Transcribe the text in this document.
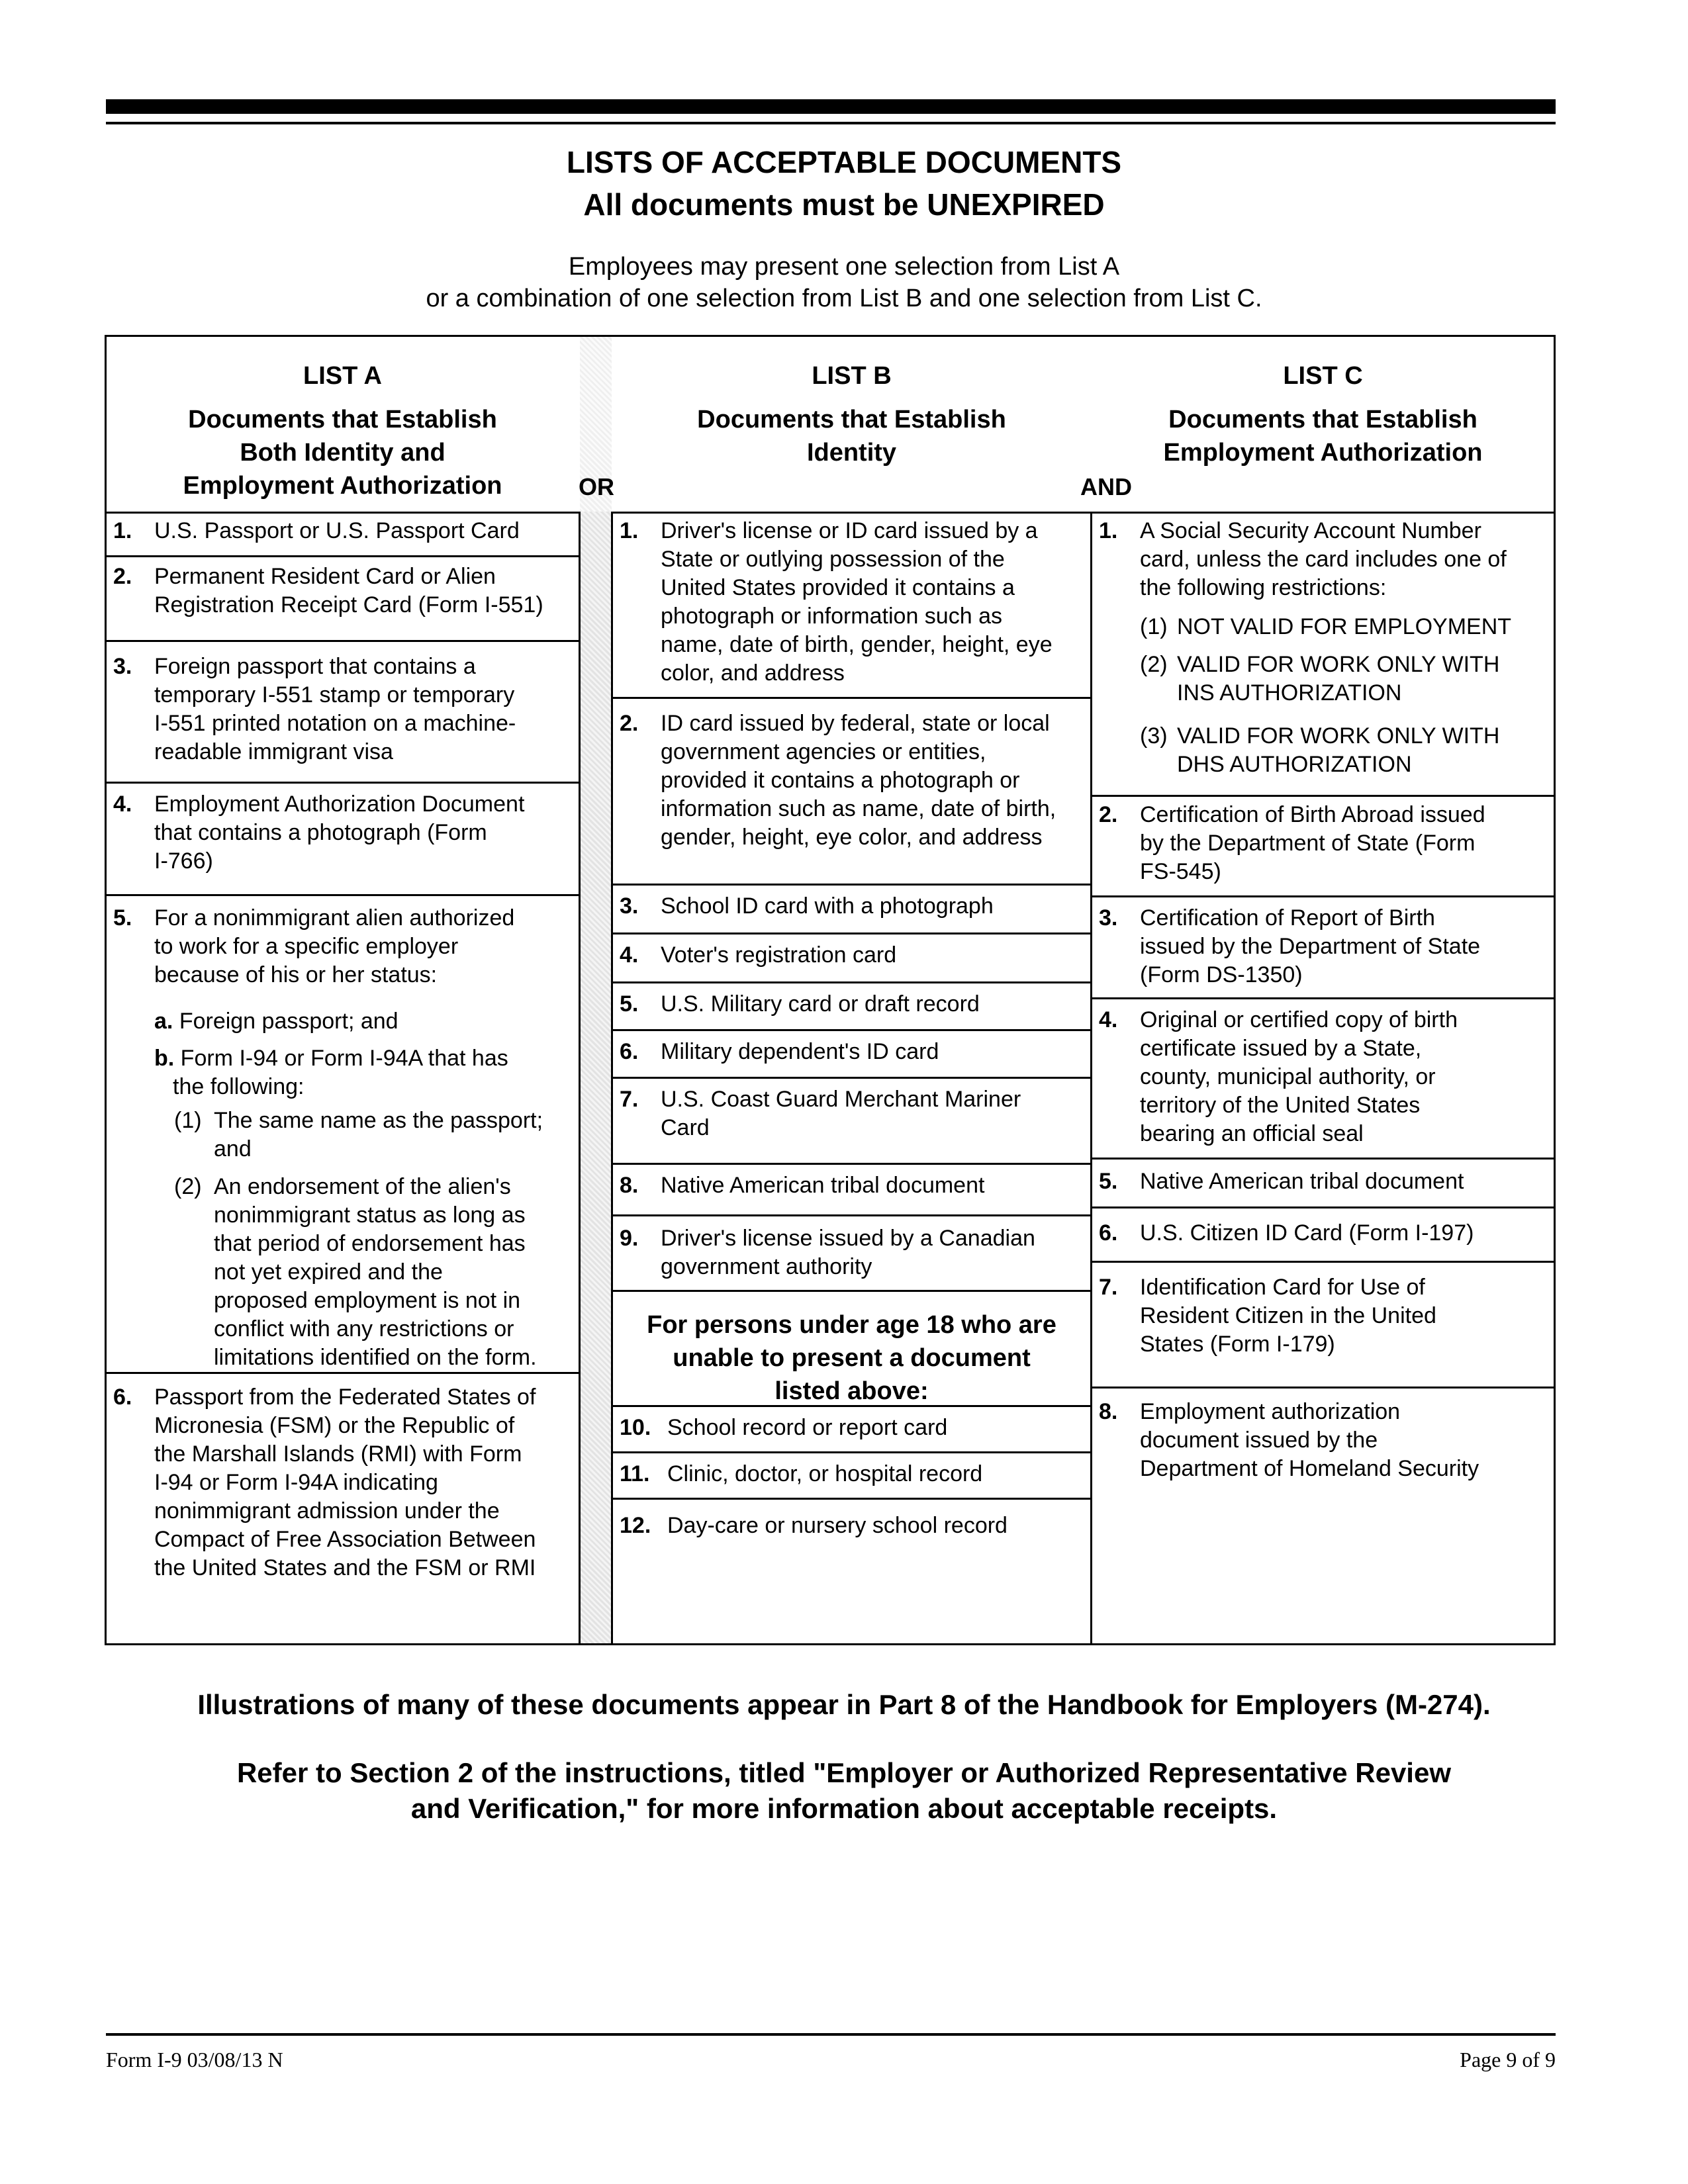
LISTS OF ACCEPTABLE DOCUMENTS
All documents must be UNEXPIRED
Employees may present one selection from List A
or a combination of one selection from List B and one selection from List C.
LIST A
Documents that Establish
Both Identity and
Employment Authorization
LIST B
Documents that Establish
Identity
LIST C
Documents that Establish
Employment Authorization
OR	AND
1. U.S. Passport or U.S. Passport Card
2. Permanent Resident Card or Alien
Registration Receipt Card (Form I-551)
3. Foreign passport that contains a
temporary I-551 stamp or temporary
I-551 printed notation on a machine-
readable immigrant visa
4. Employment Authorization Document
that contains a photograph (Form
I-766)
5. For a nonimmigrant alien authorized
to work for a specific employer
because of his or her status:
a. Foreign passport; and
b. Form I-94 or Form I-94A that has
the following:
(1) The same name as the passport;
and
(2) An endorsement of the alien's
nonimmigrant status as long as
that period of endorsement has
not yet expired and the
proposed employment is not in
conflict with any restrictions or
limitations identified on the form.
6. Passport from the Federated States of
Micronesia (FSM) or the Republic of
the Marshall Islands (RMI) with Form
I-94 or Form I-94A indicating
nonimmigrant admission under the
Compact of Free Association Between
the United States and the FSM or RMI
1. Driver's license or ID card issued by a
State or outlying possession of the
United States provided it contains a
photograph or information such as
name, date of birth, gender, height, eye
color, and address
2. ID card issued by federal, state or local
government agencies or entities,
provided it contains a photograph or
information such as name, date of birth,
gender, height, eye color, and address
3. School ID card with a photograph
4. Voter's registration card
5. U.S. Military card or draft record
6. Military dependent's ID card
7. U.S. Coast Guard Merchant Mariner
Card
8. Native American tribal document
9. Driver's license issued by a Canadian
government authority
For persons under age 18 who are
unable to present a document
listed above:
10. School record or report card
11. Clinic, doctor, or hospital record
12. Day-care or nursery school record
1. A Social Security Account Number
card, unless the card includes one of
the following restrictions:
(1) NOT VALID FOR EMPLOYMENT
(2) VALID FOR WORK ONLY WITH
INS AUTHORIZATION
(3) VALID FOR WORK ONLY WITH
DHS AUTHORIZATION
2. Certification of Birth Abroad issued
by the Department of State (Form
FS-545)
3. Certification of Report of Birth
issued by the Department of State
(Form DS-1350)
4. Original or certified copy of birth
certificate issued by a State,
county, municipal authority, or
territory of the United States
bearing an official seal
5. Native American tribal document
6. U.S. Citizen ID Card (Form I-197)
7. Identification Card for Use of
Resident Citizen in the United
States (Form I-179)
8. Employment authorization
document issued by the
Department of Homeland Security
Illustrations of many of these documents appear in Part 8 of the Handbook for Employers (M-274).
Refer to Section 2 of the instructions, titled "Employer or Authorized Representative Review
and Verification," for more information about acceptable receipts.
Form I-9 03/08/13 N	Page 9 of 9
